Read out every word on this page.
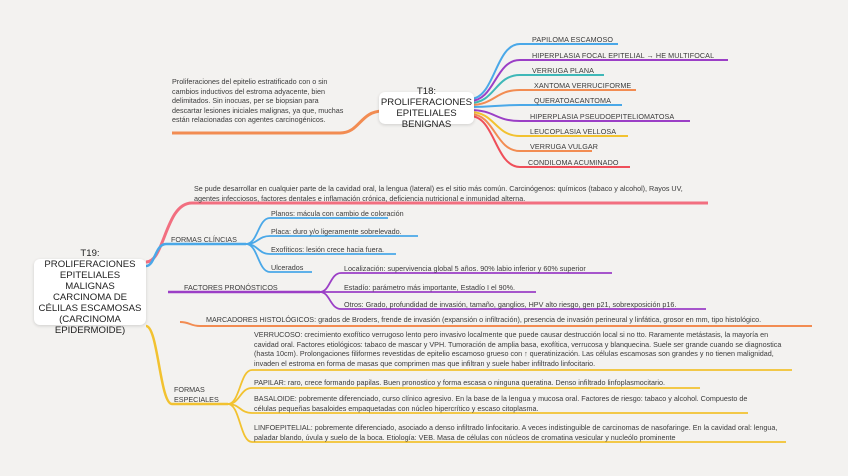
T18: PROLIFERACIONES EPITELIALES BENIGNAS
Proliferaciones del epitelio estratificado con o sin cambios inductivos del estroma adyacente, bien delimitados. Sin inocuas, per se biopsian para descartar lesiones iniciales malignas, ya que, muchas están relacionadas con agentes carcinogénicos.
PAPILOMA ESCAMOSO
HIPERPLASIA FOCAL EPITELIAL → HE MULTIFOCAL
VERRUGA PLANA
XANTOMA VERRUCIFORME
QUERATOACANTOMA
HIPERPLASIA PSEUDOEPITELIOMATOSA
LEUCOPLASIA VELLOSA
VERRUGA VULGAR
CONDILOMA ACUMINADO
T19: PROLIFERACIONES EPITELIALES MALIGNAS CARCINOMA DE CÉLILAS ESCAMOSAS (CARCINOMA EPIDERMOIDE)
Se pude desarrollar en cualquier parte de la cavidad oral, la lengua (lateral) es el sitio más común. Carcinógenos: químicos (tabaco y alcohol), Rayos UV, agentes infecciosos, factores dentales e inflamación crónica, deficiencia nutricional e inmunidad alterna.
FORMAS CLÍNCIAS
Planos: mácula con cambio de coloración
Placa: duro y/o ligeramente sobrelevado.
Exofíticos: lesión crece hacia fuera.
Ulcerados
FACTORES PRONÓSTICOS
Localización: supervivencia global 5 años. 90% labio inferior y 60% superior
Estadío: parámetro más importante, Estadío I el 90%.
Otros: Grado, profundidad de invasión, tamaño, ganglios, HPV alto riesgo, gen p21, sobrexposición p16.
MARCADORES HISTOLÓGICOS: grados de Broders, frende de invasión (expansión o infiltración), presencia de invasión perineural y linfática, grosor en mm, tipo histológico.
FORMAS ESPECIALES
VERRUCOSO: crecimiento exofítico verrugoso lento pero invasivo localmente que puede causar destrucción local si no tto. Raramente metástasis, la mayoría en cavidad oral. Factores etiológicos: tabaco de mascar y VPH. Tumoración de amplia basa, exofítica, verrucosa y blanquecina. Suele ser grande cuando se diagnostica (hasta 10cm). Prolongaciones filiformes revestidas de epitelio escamoso grueso con ↑ queratinización. Las células escamosas son grandes y no tienen malignidad, invaden el estroma en forma de masas que comprimen mas que infiltran y suele haber infiltrado linfocitario.
PAPILAR: raro, crece formando papilas. Buen pronostico y forma escasa o ninguna queratina. Denso infiltrado linfoplasmocitario.
BASALOIDE: pobremente diferenciado, curso clínico agresivo. En la base de la lengua y mucosa oral. Factores de riesgo: tabaco y alcohol. Compuesto de células pequeñas basaloides empaquetadas con núcleo hipercrítico y escaso citoplasma.
LINFOEPITELIAL: pobremente diferenciado, asociado a denso infiltrado linfocitario. A veces indistinguible de carcinomas de nasofaringe. En la cavidad oral: lengua, paladar blando, úvula y suelo de la boca. Etiología: VEB. Masa de células con núcleos de cromatina vesicular y nucleólo prominente
